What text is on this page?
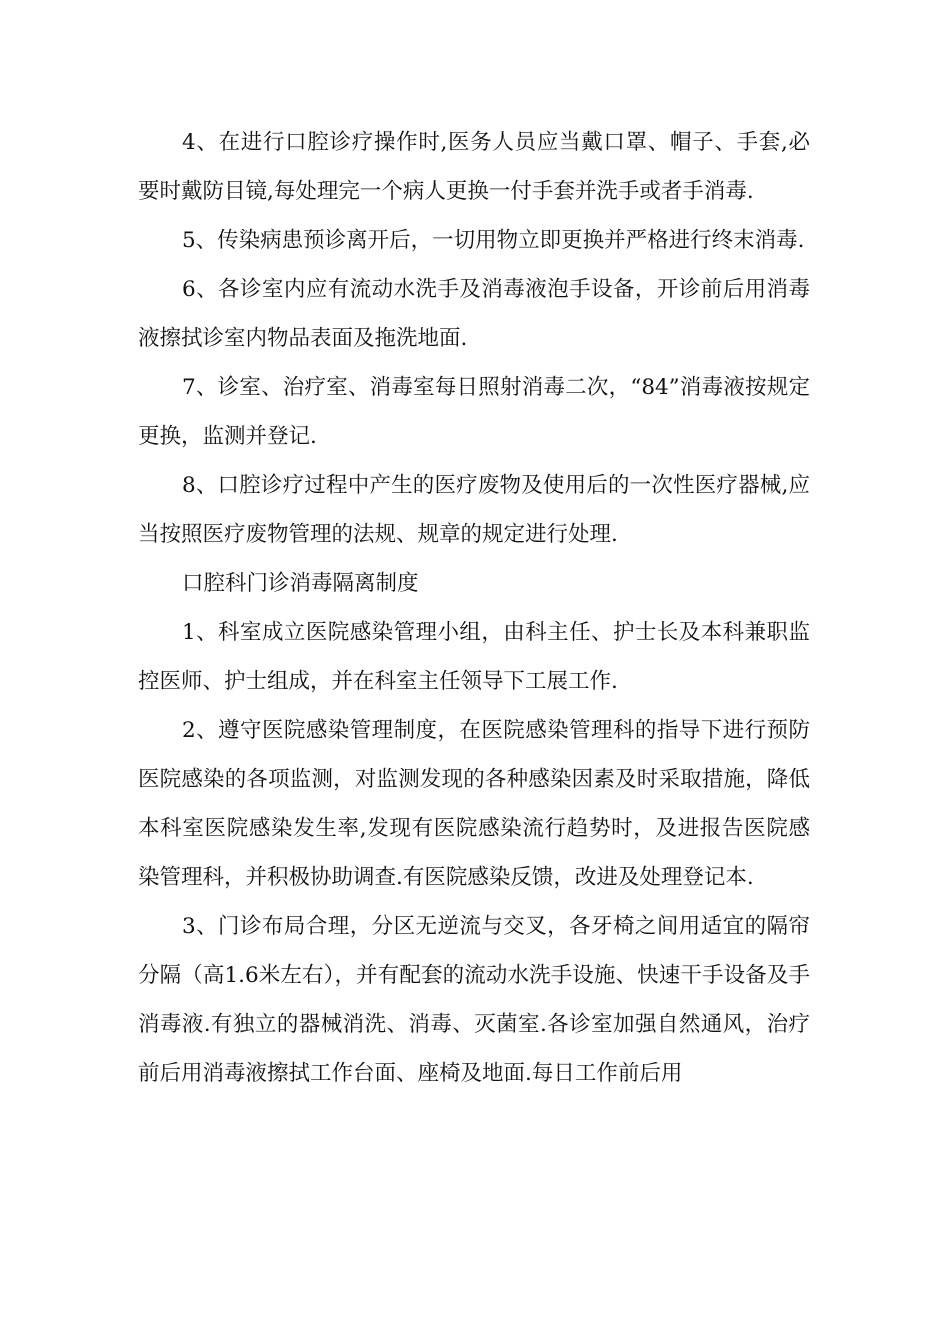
4、在进行口腔诊疗操作时,医务人员应当戴口罩、帽子、手套,必要时戴防目镜,每处理完一个病人更换一付手套并洗手或者手消毒.

5、传染病患预诊离开后，一切用物立即更换并严格进行终末消毒.

6、各诊室内应有流动水洗手及消毒液泡手设备，开诊前后用消毒液擦拭诊室内物品表面及拖洗地面.

7、诊室、治疗室、消毒室每日照射消毒二次，“84”消毒液按规定更换，监测并登记.

8、口腔诊疗过程中产生的医疗废物及使用后的一次性医疗器械,应当按照医疗废物管理的法规、规章的规定进行处理.

口腔科门诊消毒隔离制度

1、科室成立医院感染管理小组，由科主任、护士长及本科兼职监控医师、护士组成，并在科室主任领导下工展工作.

2、遵守医院感染管理制度，在医院感染管理科的指导下进行预防医院感染的各项监测，对监测发现的各种感染因素及时采取措施，降低本科室医院感染发生率,发现有医院感染流行趋势时，及进报告医院感染管理科，并积极协助调查.有医院感染反馈，改进及处理登记本.

3、门诊布局合理，分区无逆流与交叉，各牙椅之间用适宜的隔帘分隔（高1.6米左右），并有配套的流动水洗手设施、快速干手设备及手消毒液.有独立的器械消洗、消毒、灭菌室.各诊室加强自然通风，治疗前后用消毒液擦拭工作台面、座椅及地面.每日工作前后用
